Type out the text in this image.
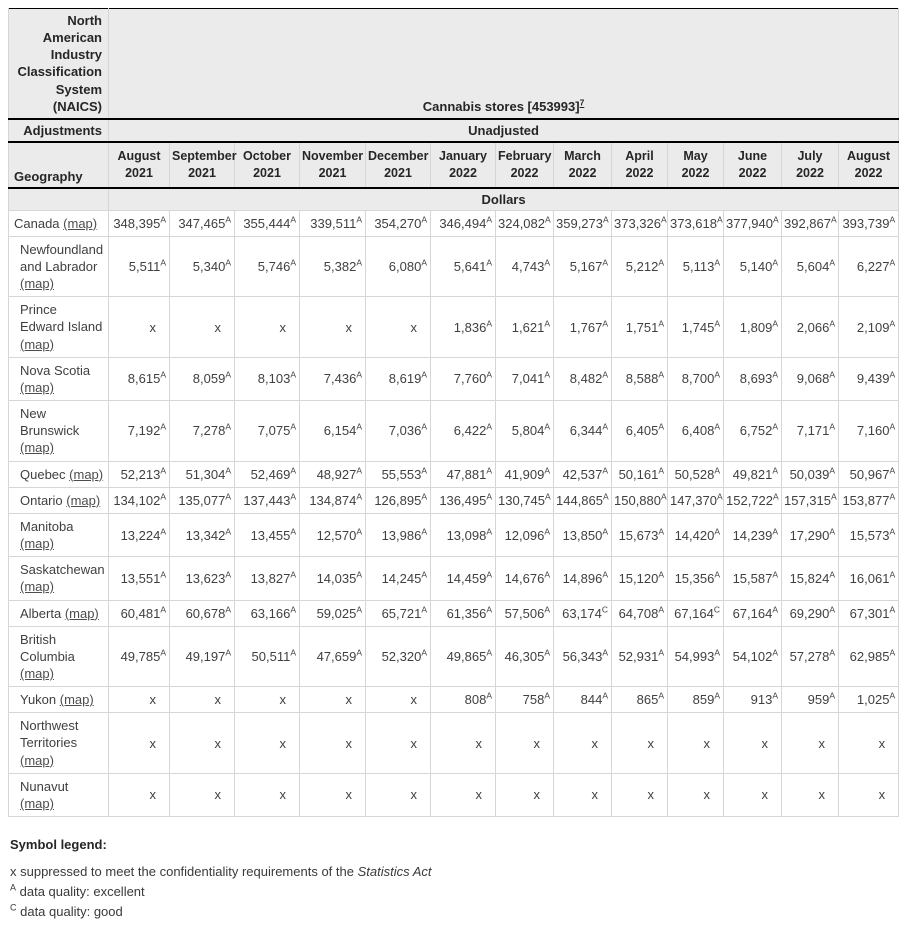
North American Industry Classification System (NAICS)	Cannabis stores $[453993]^7$
Adjustments	Unadjusted												
Geography	August 2021	September 2021	October 2021	November 2021	December 2021	January 2022	February 2022	March 2022	April 2022	May 2022	June 2022	July 2022	August 2022
	Dollars												
Canada (map)	$348,395^A$	$347,465^A$	$355,444^A$	$339,511^A$	$354,270^A$	$346,494^A$	$324,082^A$	$359,273^A$	$373,326^A$	$373,618^A$	$377,940^A$	$392,867^A$	$393,739^A$
Newfoundland and Labrador (map)	$5,511^A$	$5,340^A$	$5,746^A$	$5,382^A$	$6,080^A$	$5,641^A$	$4,743^A$	$5,167^A$	$5,212^A$	$5,113^A$	$5,140^A$	$5,604^A$	$6,227^A$
Prince Edward Island (map)	x	x	x	x	x	$1,836^A$	$1,621^A$	$1,767^A$	$1,751^A$	$1,745^A$	$1,809^A$	$2,066^A$	$2,109^A$
Nova Scotia (map)	$8,615^A$	$8,059^A$	$8,103^A$	$7,436^A$	$8,619^A$	$7,760^A$	$7,041^A$	$8,482^A$	$8,588^A$	$8,700^A$	$8,693^A$	$9,068^A$	$9,439^A$
New Brunswick (map)	$7,192^A$	$7,278^A$	$7,075^A$	$6,154^A$	$7,036^A$	$6,422^A$	$5,804^A$	$6,344^A$	$6,405^A$	$6,408^A$	$6,752^A$	$7,171^A$	$7,160^A$
Quebec (map)	$52,213^A$	$51,304^A$	$52,469^A$	$48,927^A$	$55,553^A$	$47,881^A$	$41,909^A$	$42,537^A$	$50,161^A$	$50,528^A$	$49,821^A$	$50,039^A$	$50,967^A$
Ontario (map)	$134,102^A$	$135,077^A$	$137,443^A$	$134,874^A$	$126,895^A$	$136,495^A$	$130,745^A$	$144,865^A$	$150,880^A$	$147,370^A$	$152,722^A$	$157,315^A$	$153,877^A$
Manitoba (map)	$13,224^A$	$13,342^A$	$13,455^A$	$12,570^A$	$13,986^A$	$13,098^A$	$12,096^A$	$13,850^A$	$15,673^A$	$14,420^A$	$14,239^A$	$17,290^A$	$15,573^A$
Saskatchewan (map)	$13,551^A$	$13,623^A$	$13,827^A$	$14,035^A$	$14,245^A$	$14,459^A$	$14,676^A$	$14,896^A$	$15,120^A$	$15,356^A$	$15,587^A$	$15,824^A$	$16,061^A$
Alberta (map)	$60,481^A$	$60,678^A$	$63,166^A$	$59,025^A$	$65,721^A$	$61,356^A$	$57,506^A$	$63,174^C$	$64,708^A$	$67,164^C$	$67,164^A$	$69,290^A$	$67,301^A$
British Columbia (map)	$49,785^A$	$49,197^A$	$50,511^A$	$47,659^A$	$52,320^A$	$49,865^A$	$46,305^A$	$56,343^A$	$52,931^A$	$54,993^A$	$54,102^A$	$57,278^A$	$62,985^A$
Yukon (map)	x	x	x	x	x	$808^A$	$758^A$	$844^A$	$865^A$	$859^A$	$913^A$	$959^A$	$1,025^A$
Northwest Territories (map)	x	x	x	x	x	x	x	x	x	x	x	x	x
Nunavut (map)	x	x	x	x	x	x	x	x	x	x	x	x	x

Symbol legend:

x suppressed to meet the confidentiality requirements of the Statistics Act

$^A$ data quality: excellent

$^C$ data quality: good
